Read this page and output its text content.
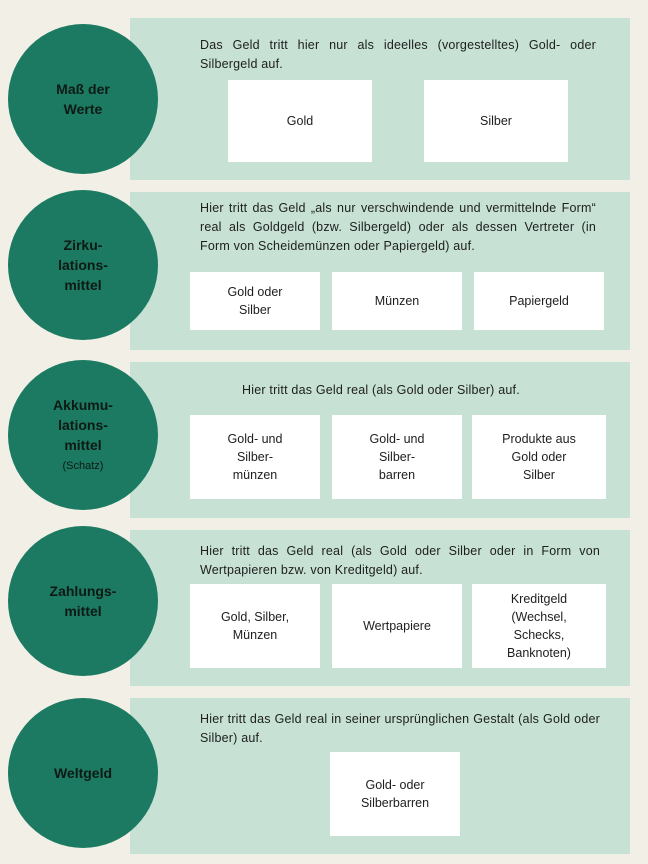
Maß der
Werte
Das Geld tritt hier nur als ideelles (vorgestelltes) Gold- oder Silbergeld auf.
Gold	Silber
Zirku-
lations-
mittel
Hier tritt das Geld „als nur verschwindende und vermittelnde Form“ real als Goldgeld (bzw. Silbergeld) oder als dessen Vertreter (in Form von Scheidemünzen oder Papiergeld) auf.
Gold oder
Silber
Münzen	Papiergeld
Akkumu-
lations-
mittel
(Schatz)
Hier tritt das Geld real (als Gold oder Silber) auf.
Gold- und
Silber-
münzen
Gold- und
Silber-
barren
Produkte aus
Gold oder
Silber
Zahlungs-
mittel
Hier tritt das Geld real (als Gold oder Silber oder in Form von Wertpapieren bzw. von Kreditgeld) auf.
Gold, Silber,
Münzen
Wertpapiere
Kreditgeld
(Wechsel,
Schecks,
Banknoten)
Weltgeld
Hier tritt das Geld real in seiner ursprünglichen Gestalt (als Gold oder Silber) auf.
Gold- oder
Silberbarren
